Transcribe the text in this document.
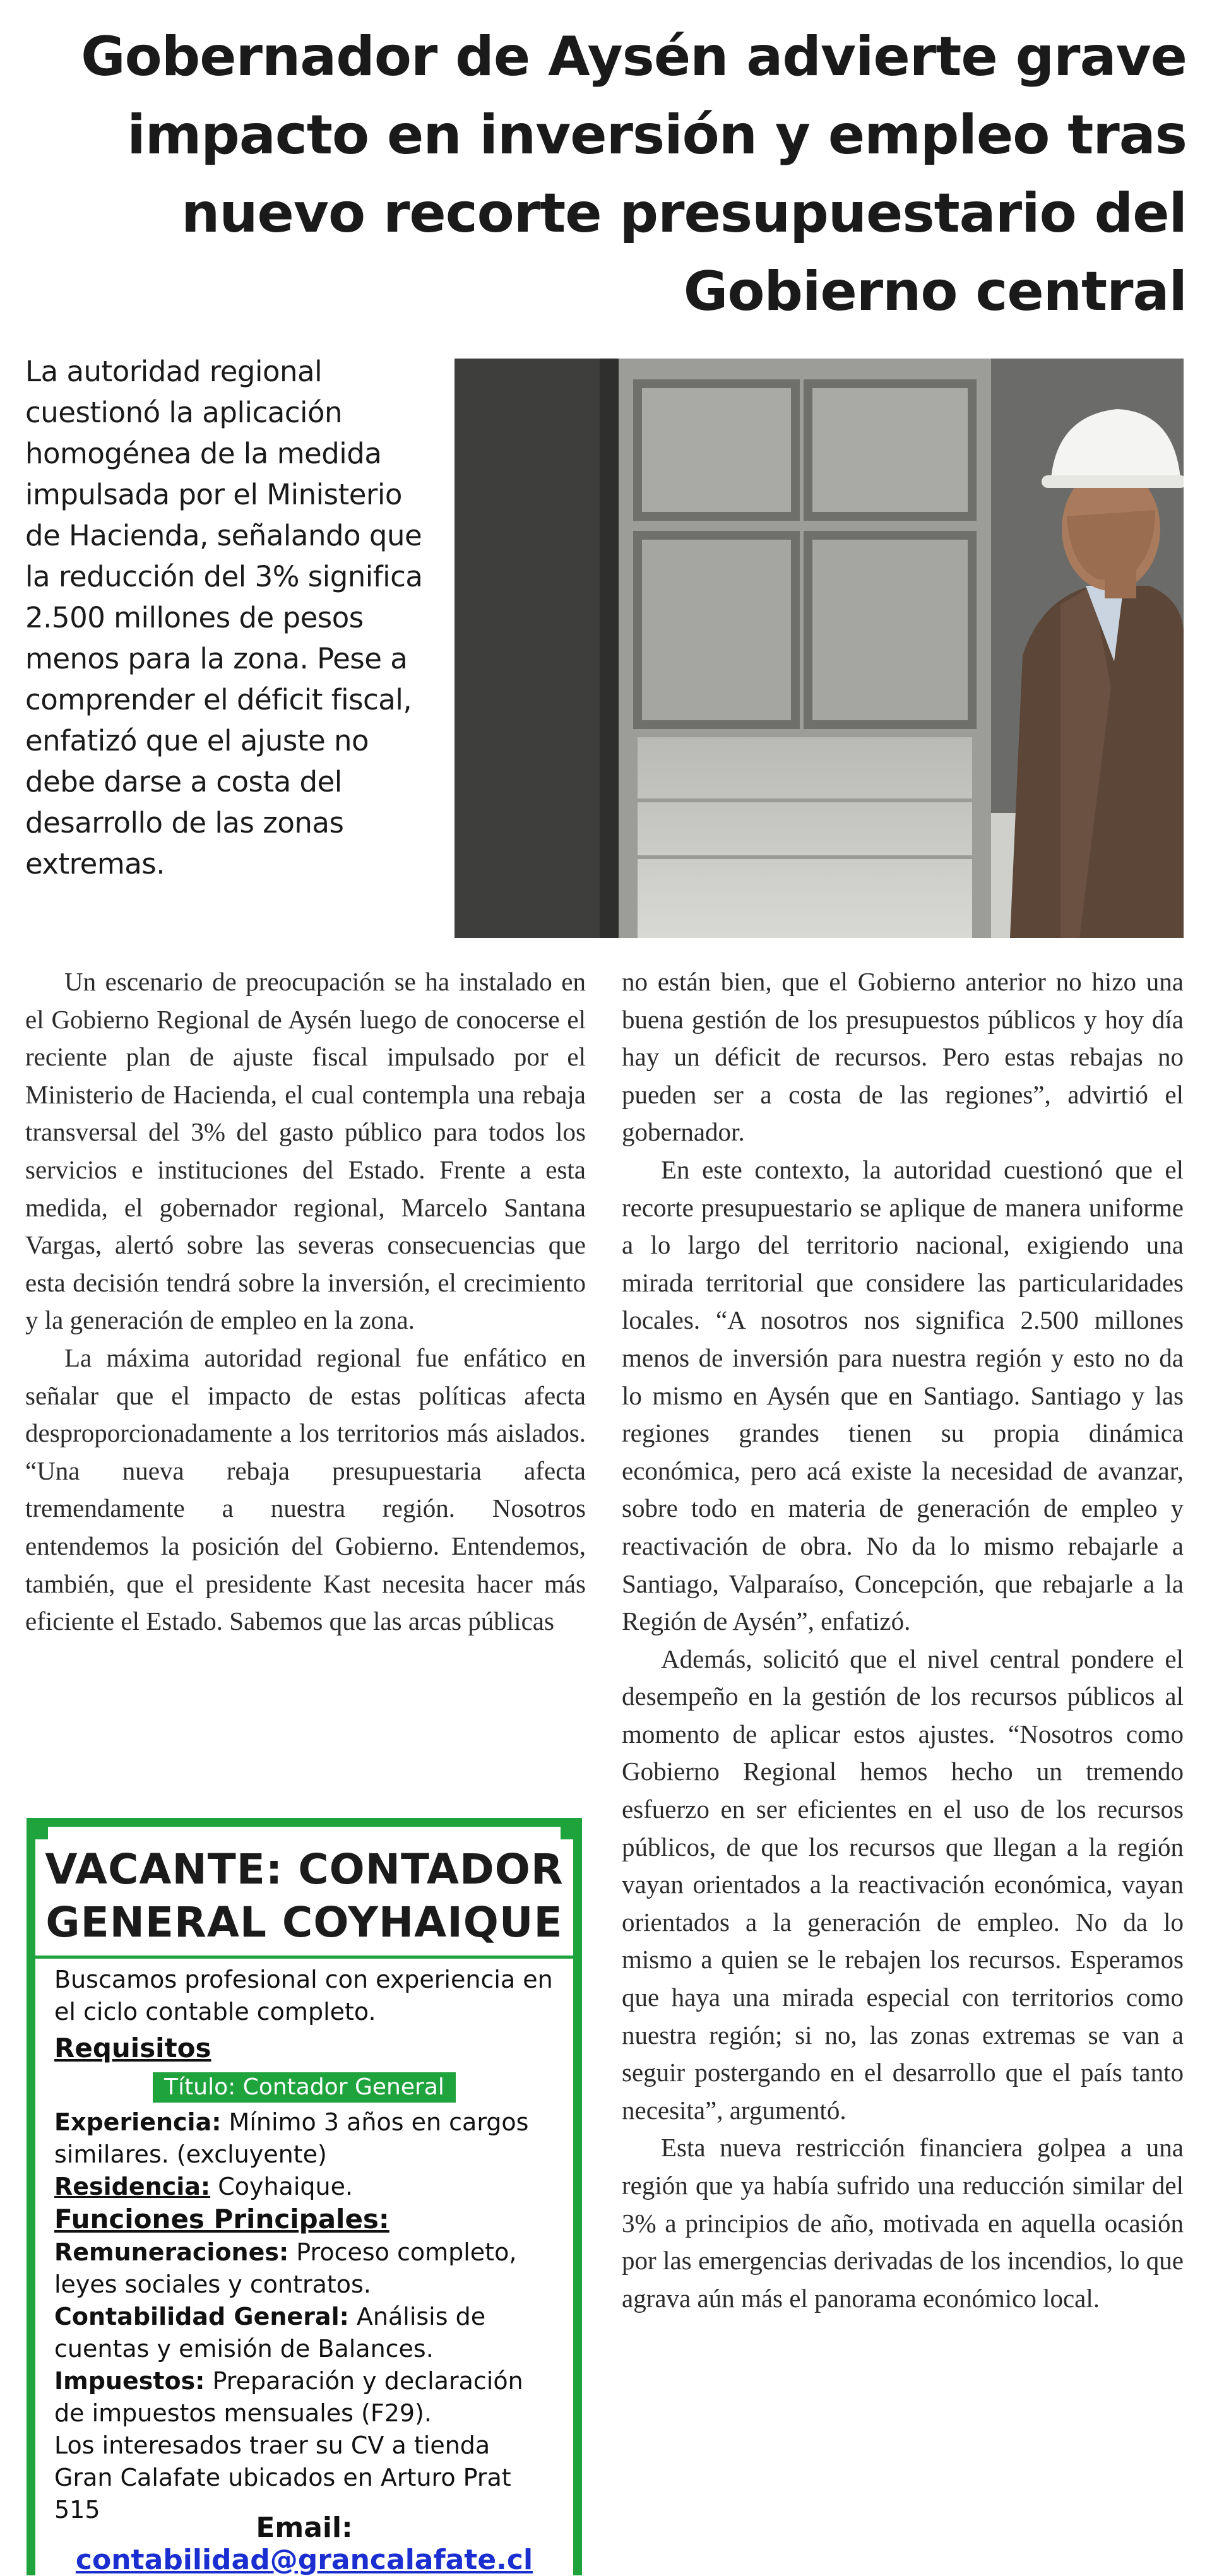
Gobernador de Aysén advierte grave impacto en inversión y empleo tras nuevo recorte presupuestario del Gobierno central

La autoridad regional cuestionó la aplicación homogénea de la medida impulsada por el Ministerio de Hacienda, señalando que la reducción del 3% significa 2.500 millones de pesos menos para la zona. Pese a comprender el déficit fiscal, enfatizó que el ajuste no debe darse a costa del desarrollo de las zonas extremas.

Un escenario de preocupación se ha instalado en el Gobierno Regional de Aysén luego de conocerse el reciente plan de ajuste fiscal impulsado por el Ministerio de Hacienda, el cual contempla una rebaja transversal del 3% del gasto público para todos los servicios e instituciones del Estado. Frente a esta medida, el gobernador regional, Marcelo Santana Vargas, alertó sobre las severas consecuencias que esta decisión tendrá sobre la inversión, el crecimiento y la generación de empleo en la zona.

La máxima autoridad regional fue enfático en señalar que el impacto de estas políticas afecta desproporcionadamente a los territorios más aislados. “Una nueva rebaja presupuestaria afecta tremendamente a nuestra región. Nosotros entendemos la posición del Gobierno. Entendemos, también, que el presidente Kast necesita hacer más eficiente el Estado. Sabemos que las arcas públicas

no están bien, que el Gobierno anterior no hizo una buena gestión de los presupuestos públicos y hoy día hay un déficit de recursos. Pero estas rebajas no pueden ser a costa de las regiones”, advirtió el gobernador.

En este contexto, la autoridad cuestionó que el recorte presupuestario se aplique de manera uniforme a lo largo del territorio nacional, exigiendo una mirada territorial que considere las particularidades locales. “A nosotros nos significa 2.500 millones menos de inversión para nuestra región y esto no da lo mismo en Aysén que en Santiago. Santiago y las regiones grandes tienen su propia dinámica económica, pero acá existe la necesidad de avanzar, sobre todo en materia de generación de empleo y reactivación de obra. No da lo mismo rebajarle a Santiago, Valparaíso, Concepción, que rebajarle a la Región de Aysén”, enfatizó.

Además, solicitó que el nivel central pondere el desempeño en la gestión de los recursos públicos al momento de aplicar estos ajustes. “Nosotros como Gobierno Regional hemos hecho un tremendo esfuerzo en ser eficientes en el uso de los recursos públicos, de que los recursos que llegan a la región vayan orientados a la reactivación económica, vayan orientados a la generación de empleo. No da lo mismo a quien se le rebajen los recursos. Esperamos que haya una mirada especial con territorios como nuestra región; si no, las zonas extremas se van a seguir postergando en el desarrollo que el país tanto necesita”, argumentó.

Esta nueva restricción financiera golpea a una región que ya había sufrido una reducción similar del 3% a principios de año, motivada en aquella ocasión por las emergencias derivadas de los incendios, lo que agrava aún más el panorama económico local.

VACANTE: CONTADOR
GENERAL COYHAIQUE

Buscamos profesional con experiencia en el ciclo contable completo.

Requisitos

Título: Contador General

Experiencia: Mínimo 3 años en cargos similares. (excluyente)

Residencia: Coyhaique.

Funciones Principales:

Remuneraciones: Proceso completo, leyes sociales y contratos.

Contabilidad General: Análisis de cuentas y emisión de Balances.

Impuestos: Preparación y declaración de impuestos mensuales (F29).

Los interesados traer su CV a tienda Gran Calafate ubicados en Arturo Prat 515

Email: contabilidad@grancalafate.cl
